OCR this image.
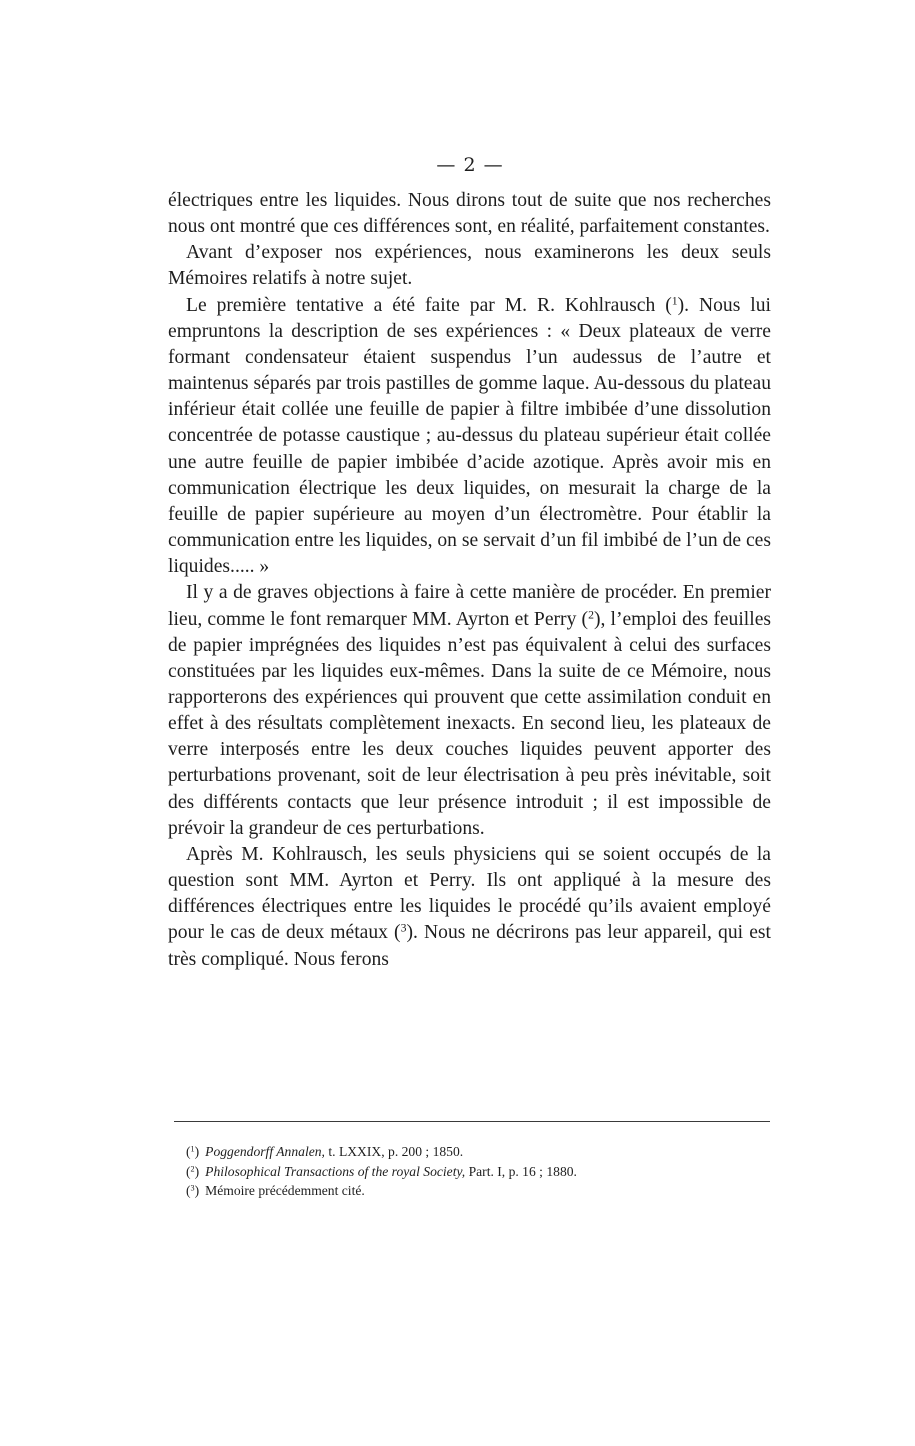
— 2 —

électriques entre les liquides. Nous dirons tout de suite que nos recherches nous ont montré que ces différences sont, en réalité, parfaitement constantes.

Avant d’exposer nos expériences, nous examinerons les deux seuls Mémoires relatifs à notre sujet.

Le première tentative a été faite par M. R. Kohlrausch ($^1$). Nous lui empruntons la description de ses expériences : « Deux plateaux de verre formant condensateur étaient suspendus l’un audessus de l’autre et maintenus séparés par trois pastilles de gomme laque. Au-dessous du plateau inférieur était collée une feuille de papier à filtre imbibée d’une dissolution concentrée de potasse caustique ; au-dessus du plateau supérieur était collée une autre feuille de papier imbibée d’acide azotique. Après avoir mis en communication électrique les deux liquides, on mesurait la charge de la feuille de papier supérieure au moyen d’un électromètre. Pour établir la communication entre les liquides, on se servait d’un fil imbibé de l’un de ces liquides..... »

Il y a de graves objections à faire à cette manière de procéder. En premier lieu, comme le font remarquer MM. Ayrton et Perry ($^2$), l’emploi des feuilles de papier imprégnées des liquides n’est pas équivalent à celui des surfaces constituées par les liquides eux-mêmes. Dans la suite de ce Mémoire, nous rapporterons des expériences qui prouvent que cette assimilation conduit en effet à des résultats complètement inexacts. En second lieu, les plateaux de verre interposés entre les deux couches liquides peuvent apporter des perturbations provenant, soit de leur électrisation à peu près inévitable, soit des différents contacts que leur présence introduit ; il est impossible de prévoir la grandeur de ces perturbations.

Après M. Kohlrausch, les seuls physiciens qui se soient occupés de la question sont MM. Ayrton et Perry. Ils ont appliqué à la mesure des différences électriques entre les liquides le procédé qu’ils avaient employé pour le cas de deux métaux ($^3$). Nous ne décrirons pas leur appareil, qui est très compliqué. Nous ferons

($^1$) Poggendorff Annalen, t. LXXIX, p. 200 ; 1850.
($^2$) Philosophical Transactions of the royal Society, Part. I, p. 16 ; 1880.
($^3$) Mémoire précédemment cité.
